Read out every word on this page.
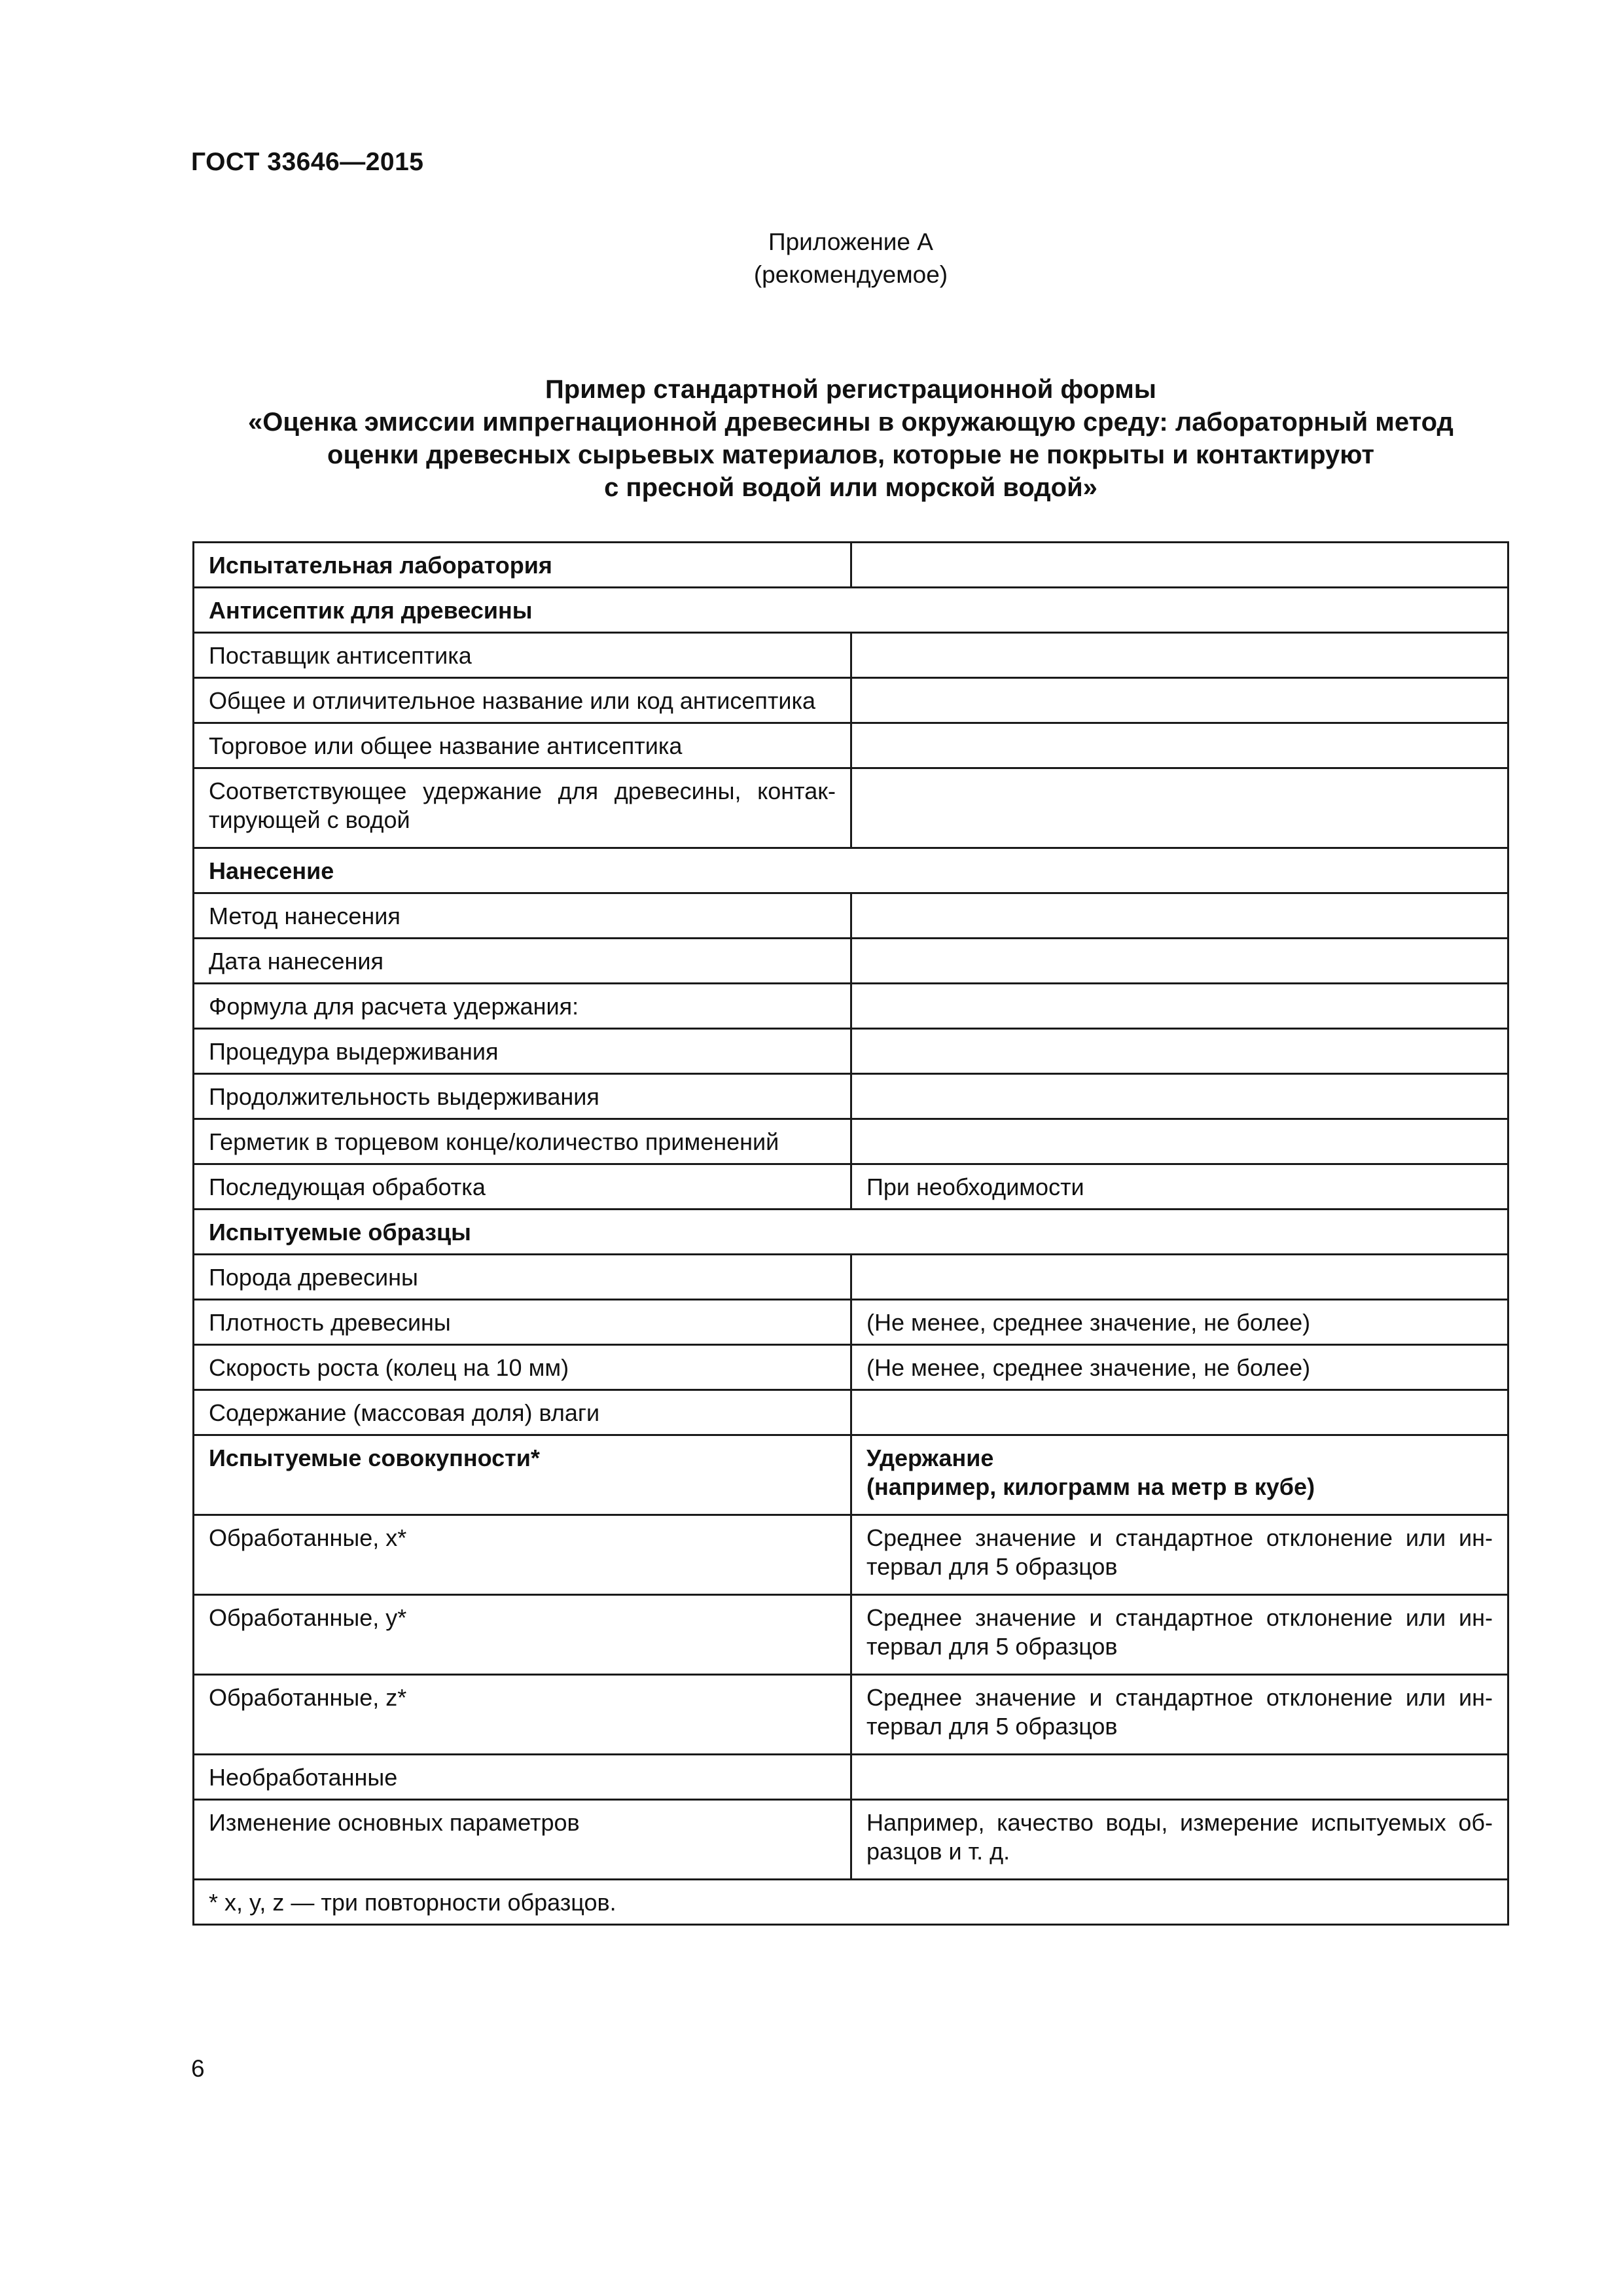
ГОСТ 33646—2015
Приложение А
(рекомендуемое)
Пример стандартной регистрационной формы
«Оценка эмиссии импрегнационной древесины в окружающую среду: лабораторный метод
оценки древесных сырьевых материалов, которые не покрыты и контактируют
с пресной водой или морской водой»
Испытательная лаборатория	
Антисептик для древесины	
Поставщик антисептика	
Общее и отличительное название или код антисептика	
Торговое или общее название антисептика	
Соответствующее удержание для древесины, контак-тирующей с водой	
Нанесение	
Метод нанесения	
Дата нанесения	
Формула для расчета удержания:	
Процедура выдерживания	
Продолжительность выдерживания	
Герметик в торцевом конце/количество применений	
Последующая обработка	При необходимости
Испытуемые образцы	
Порода древесины	
Плотность древесины	(Не менее, среднее значение, не более)
Скорость роста (колец на 10 мм)	(Не менее, среднее значение, не более)
Содержание (массовая доля) влаги	
Испытуемые совокупности*	Удержание
(например, килограмм на метр в кубе)

Обработанные, x*	Среднее значение и стандартное отклонение или ин-тервал для 5 образцов
Обработанные, y*	Среднее значение и стандартное отклонение или ин-тервал для 5 образцов
Обработанные, z*	Среднее значение и стандартное отклонение или ин-тервал для 5 образцов
Необработанные	
Изменение основных параметров	Например, качество воды, измерение испытуемых об-разцов и т. д.
* x, y, z — три повторности образцов.	
6
